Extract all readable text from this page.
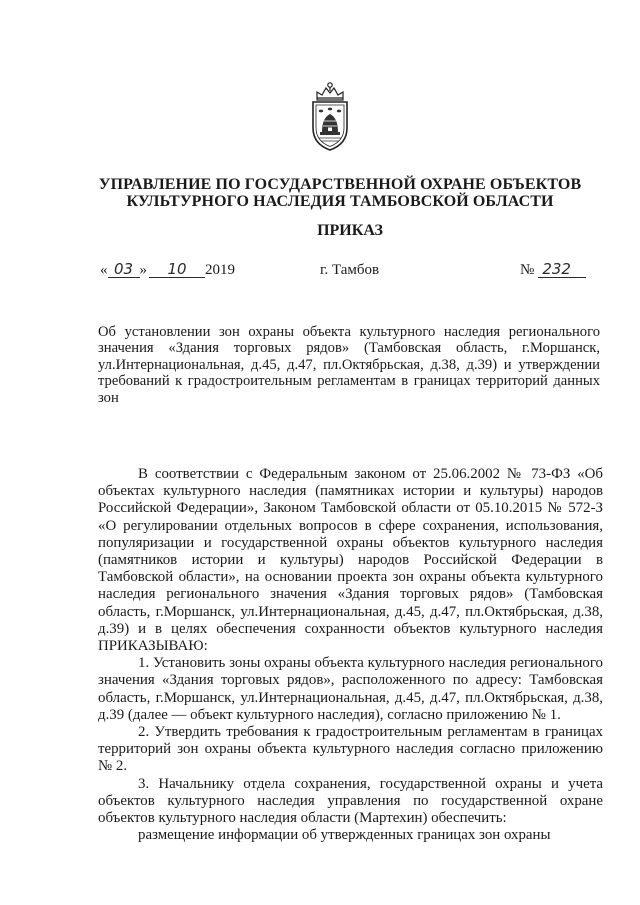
УПРАВЛЕНИЕ ПО ГОСУДАРСТВЕННОЙ ОХРАНЕ ОБЪЕКТОВ
КУЛЬТУРНОГО НАСЛЕДИЯ ТАМБОВСКОЙ ОБЛАСТИ
ПРИКАЗ
« 03 » 10 2019	г. Тамбов	№ 232
Об установлении зон охраны объекта культурного наследия регионального значения «Здания торговых рядов» (Тамбовская область, г.Моршанск, ул.Интернациональная, д.45, д.47, пл.Октябрьская, д.38, д.39) и утверждении требований к градостроительным регламентам в границах территорий данных зон

В соответствии с Федеральным законом от 25.06.2002 № 73-ФЗ «Об объектах культурного наследия (памятниках истории и культуры) народов Российской Федерации», Законом Тамбовской области от 05.10.2015 № 572-З «О регулировании отдельных вопросов в сфере сохранения, использования, популяризации и государственной охраны объектов культурного наследия (памятников истории и культуры) народов Российской Федерации в Тамбовской области», на основании проекта зон охраны объекта культурного наследия регионального значения «Здания торговых рядов» (Тамбовская область, г.Моршанск, ул.Интернациональная, д.45, д.47, пл.Октябрьская, д.38, д.39) и в целях обеспечения сохранности объектов культурного наследия ПРИКАЗЫВАЮ:

1. Установить зоны охраны объекта культурного наследия регионального значения «Здания торговых рядов», расположенного по адресу: Тамбовская область, г.Моршанск, ул.Интернациональная, д.45, д.47, пл.Октябрьская, д.38, д.39 (далее — объект культурного наследия), согласно приложению № 1.

2. Утвердить требования к градостроительным регламентам в границах территорий зон охраны объекта культурного наследия согласно приложению № 2.

3. Начальнику отдела сохранения, государственной охраны и учета объектов культурного наследия управления по государственной охране объектов культурного наследия области (Мартехин) обеспечить:

размещение информации об утвержденных границах зон охраны
